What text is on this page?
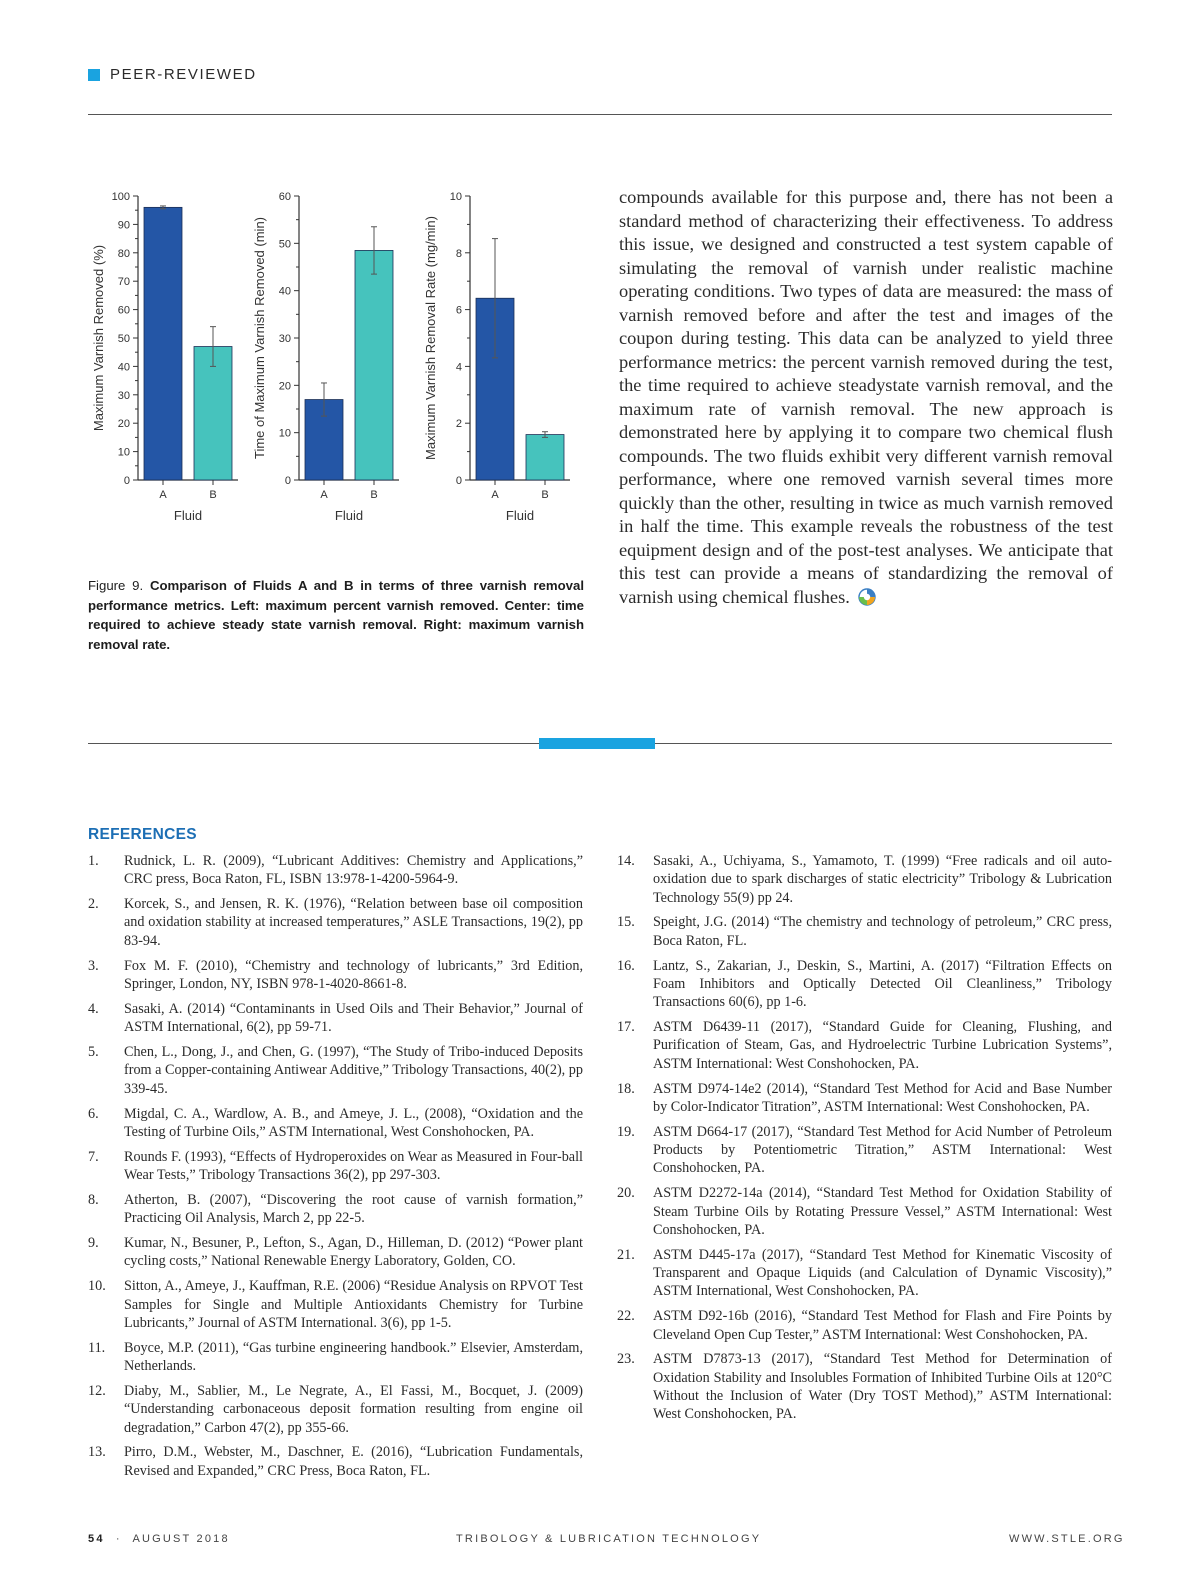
PEER-REVIEWED
0
10
20
30
40
50
60
70
80
90
100
A	B
Fluid
Maximum Varnish Removed (%)
0
10
20
30
40
50
60
A	B
Fluid
Time of Maximum Varnish Removed (min)
0
2
4
6
8
10
A	B
Fluid
Maximum Varnish Removal Rate (mg/min)
Figure 9. Comparison of Fluids A and B in terms of three varnish removal performance metrics. Left: maximum percent varnish removed. Center: time required to achieve steady state varnish removal. Right: maximum varnish removal rate.
compounds available for this purpose and, there has not been a standard method of characterizing their effectiveness. To address this issue, we designed and constructed a test system capable of simulating the removal of varnish under realistic machine operating conditions. Two types of data are measured: the mass of varnish removed before and after the test and images of the coupon during testing. This data can be analyzed to yield three performance metrics: the percent varnish removed during the test, the time required to achieve steadystate varnish removal, and the maximum rate of varnish removal. The new approach is demonstrated here by applying it to compare two chemical flush compounds. The two fluids exhibit very different varnish removal performance, where one removed varnish several times more quickly than the other, resulting in twice as much varnish removed in half the time. This example reveals the robustness of the test equipment design and of the post-test analyses. We anticipate that this test can provide a means of standardizing the removal of varnish using chemical flushes.
REFERENCES
1.	Rudnick, L. R. (2009), “Lubricant Additives: Chemistry and Applications,” CRC press, Boca Raton, FL, ISBN 13:978-1-4200-5964-9.
2.	Korcek, S., and Jensen, R. K. (1976), “Relation between base oil composition and oxidation stability at increased temperatures,” ASLE Transactions, 19(2), pp 83-94.
3.	Fox M. F. (2010), “Chemistry and technology of lubricants,” 3rd Edition, Springer, London, NY, ISBN 978-1-4020-8661-8.
4.	Sasaki, A. (2014) “Contaminants in Used Oils and Their Behavior,” Journal of ASTM International, 6(2), pp 59-71.
5.	Chen, L., Dong, J., and Chen, G. (1997), “The Study of Tribo-induced Deposits from a Copper-containing Antiwear Additive,” Tribology Transactions, 40(2), pp 339-45.
6.	Migdal, C. A., Wardlow, A. B., and Ameye, J. L., (2008), “Oxidation and the Testing of Turbine Oils,” ASTM International, West Conshohocken, PA.
7.	Rounds F. (1993), “Effects of Hydroperoxides on Wear as Measured in Four-ball Wear Tests,” Tribology Transactions 36(2), pp 297-303.
8.	Atherton, B. (2007), “Discovering the root cause of varnish formation,” Practicing Oil Analysis, March 2, pp 22-5.
9.	Kumar, N., Besuner, P., Lefton, S., Agan, D., Hilleman, D. (2012) “Power plant cycling costs,” National Renewable Energy Laboratory, Golden, CO.
10.	Sitton, A., Ameye, J., Kauffman, R.E. (2006) “Residue Analysis on RPVOT Test Samples for Single and Multiple Antioxidants Chemistry for Turbine Lubricants,” Journal of ASTM International. 3(6), pp 1-5.
11.	Boyce, M.P. (2011), “Gas turbine engineering handbook.” Elsevier, Amsterdam, Netherlands.
12.	Diaby, M., Sablier, M., Le Negrate, A., El Fassi, M., Bocquet, J. (2009) “Understanding carbonaceous deposit formation resulting from engine oil degradation,” Carbon 47(2), pp 355-66.
13.	Pirro, D.M., Webster, M., Daschner, E. (2016), “Lubrication Fundamentals, Revised and Expanded,” CRC Press, Boca Raton, FL.
14.	Sasaki, A., Uchiyama, S., Yamamoto, T. (1999) “Free radicals and oil auto-oxidation due to spark discharges of static electricity” Tribology & Lubrication Technology 55(9) pp 24.
15.	Speight, J.G. (2014) “The chemistry and technology of petroleum,” CRC press, Boca Raton, FL.
16.	Lantz, S., Zakarian, J., Deskin, S., Martini, A. (2017) “Filtration Effects on Foam Inhibitors and Optically Detected Oil Cleanliness,” Tribology Transactions 60(6), pp 1-6.
17.	ASTM D6439-11 (2017), “Standard Guide for Cleaning, Flushing, and Purification of Steam, Gas, and Hydroelectric Turbine Lubrication Systems”, ASTM International: West Conshohocken, PA.
18.	ASTM D974-14e2 (2014), “Standard Test Method for Acid and Base Number by Color-Indicator Titration”, ASTM International: West Conshohocken, PA.
19.	ASTM D664-17 (2017), “Standard Test Method for Acid Number of Petroleum Products by Potentiometric Titration,” ASTM International: West Conshohocken, PA.
20.	ASTM D2272-14a (2014), “Standard Test Method for Oxidation Stability of Steam Turbine Oils by Rotating Pressure Vessel,” ASTM International: West Conshohocken, PA.
21.	ASTM D445-17a (2017), “Standard Test Method for Kinematic Viscosity of Transparent and Opaque Liquids (and Calculation of Dynamic Viscosity),” ASTM International, West Conshohocken, PA.
22.	ASTM D92-16b (2016), “Standard Test Method for Flash and Fire Points by Cleveland Open Cup Tester,” ASTM International: West Conshohocken, PA.
23.	ASTM D7873-13 (2017), “Standard Test Method for Determination of Oxidation Stability and Insolubles Formation of Inhibited Turbine Oils at 120°C Without the Inclusion of Water (Dry TOST Method),” ASTM International: West Conshohocken, PA.
54 · AUGUST 2018	TRIBOLOGY & LUBRICATION TECHNOLOGY	WWW.STLE.ORG
